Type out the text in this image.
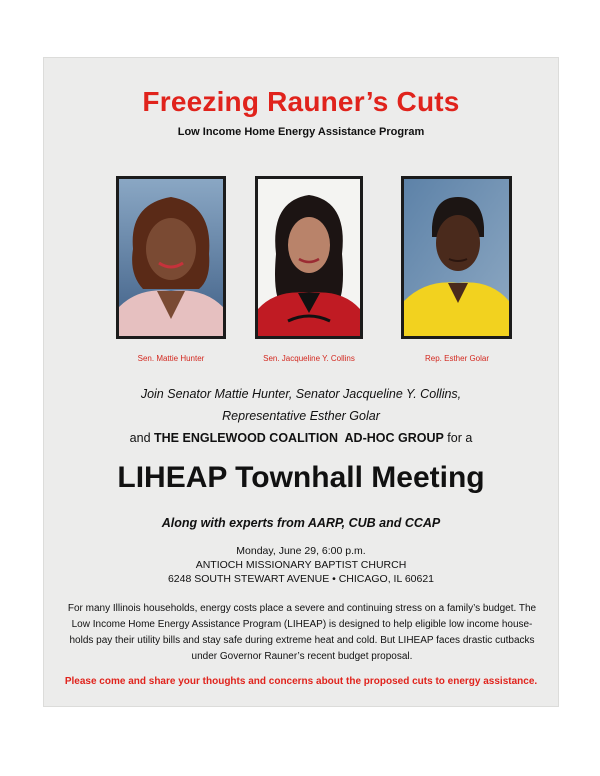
Freezing Rauner’s Cuts
Low Income Home Energy Assistance Program
Sen. Mattie Hunter	Sen. Jacqueline Y. Collins	Rep. Esther Golar
Join Senator Mattie Hunter, Senator Jacqueline Y. Collins,
Representative Esther Golar
and THE ENGLEWOOD COALITION  AD-HOC GROUP for a
LIHEAP Townhall Meeting
Along with experts from AARP, CUB and CCAP
Monday, June 29, 6:00 p.m.
ANTIOCH MISSIONARY BAPTIST CHURCH
6248 SOUTH STEWART AVENUE • CHICAGO, IL 60621
For many Illinois households, energy costs place a severe and continuing stress on a family’s budget. The
Low Income Home Energy Assistance Program (LIHEAP) is designed to help eligible low income house-
holds pay their utility bills and stay safe during extreme heat and cold. But LIHEAP faces drastic cutbacks
under Governor Rauner’s recent budget proposal.
Please come and share your thoughts and concerns about the proposed cuts to energy assistance.
